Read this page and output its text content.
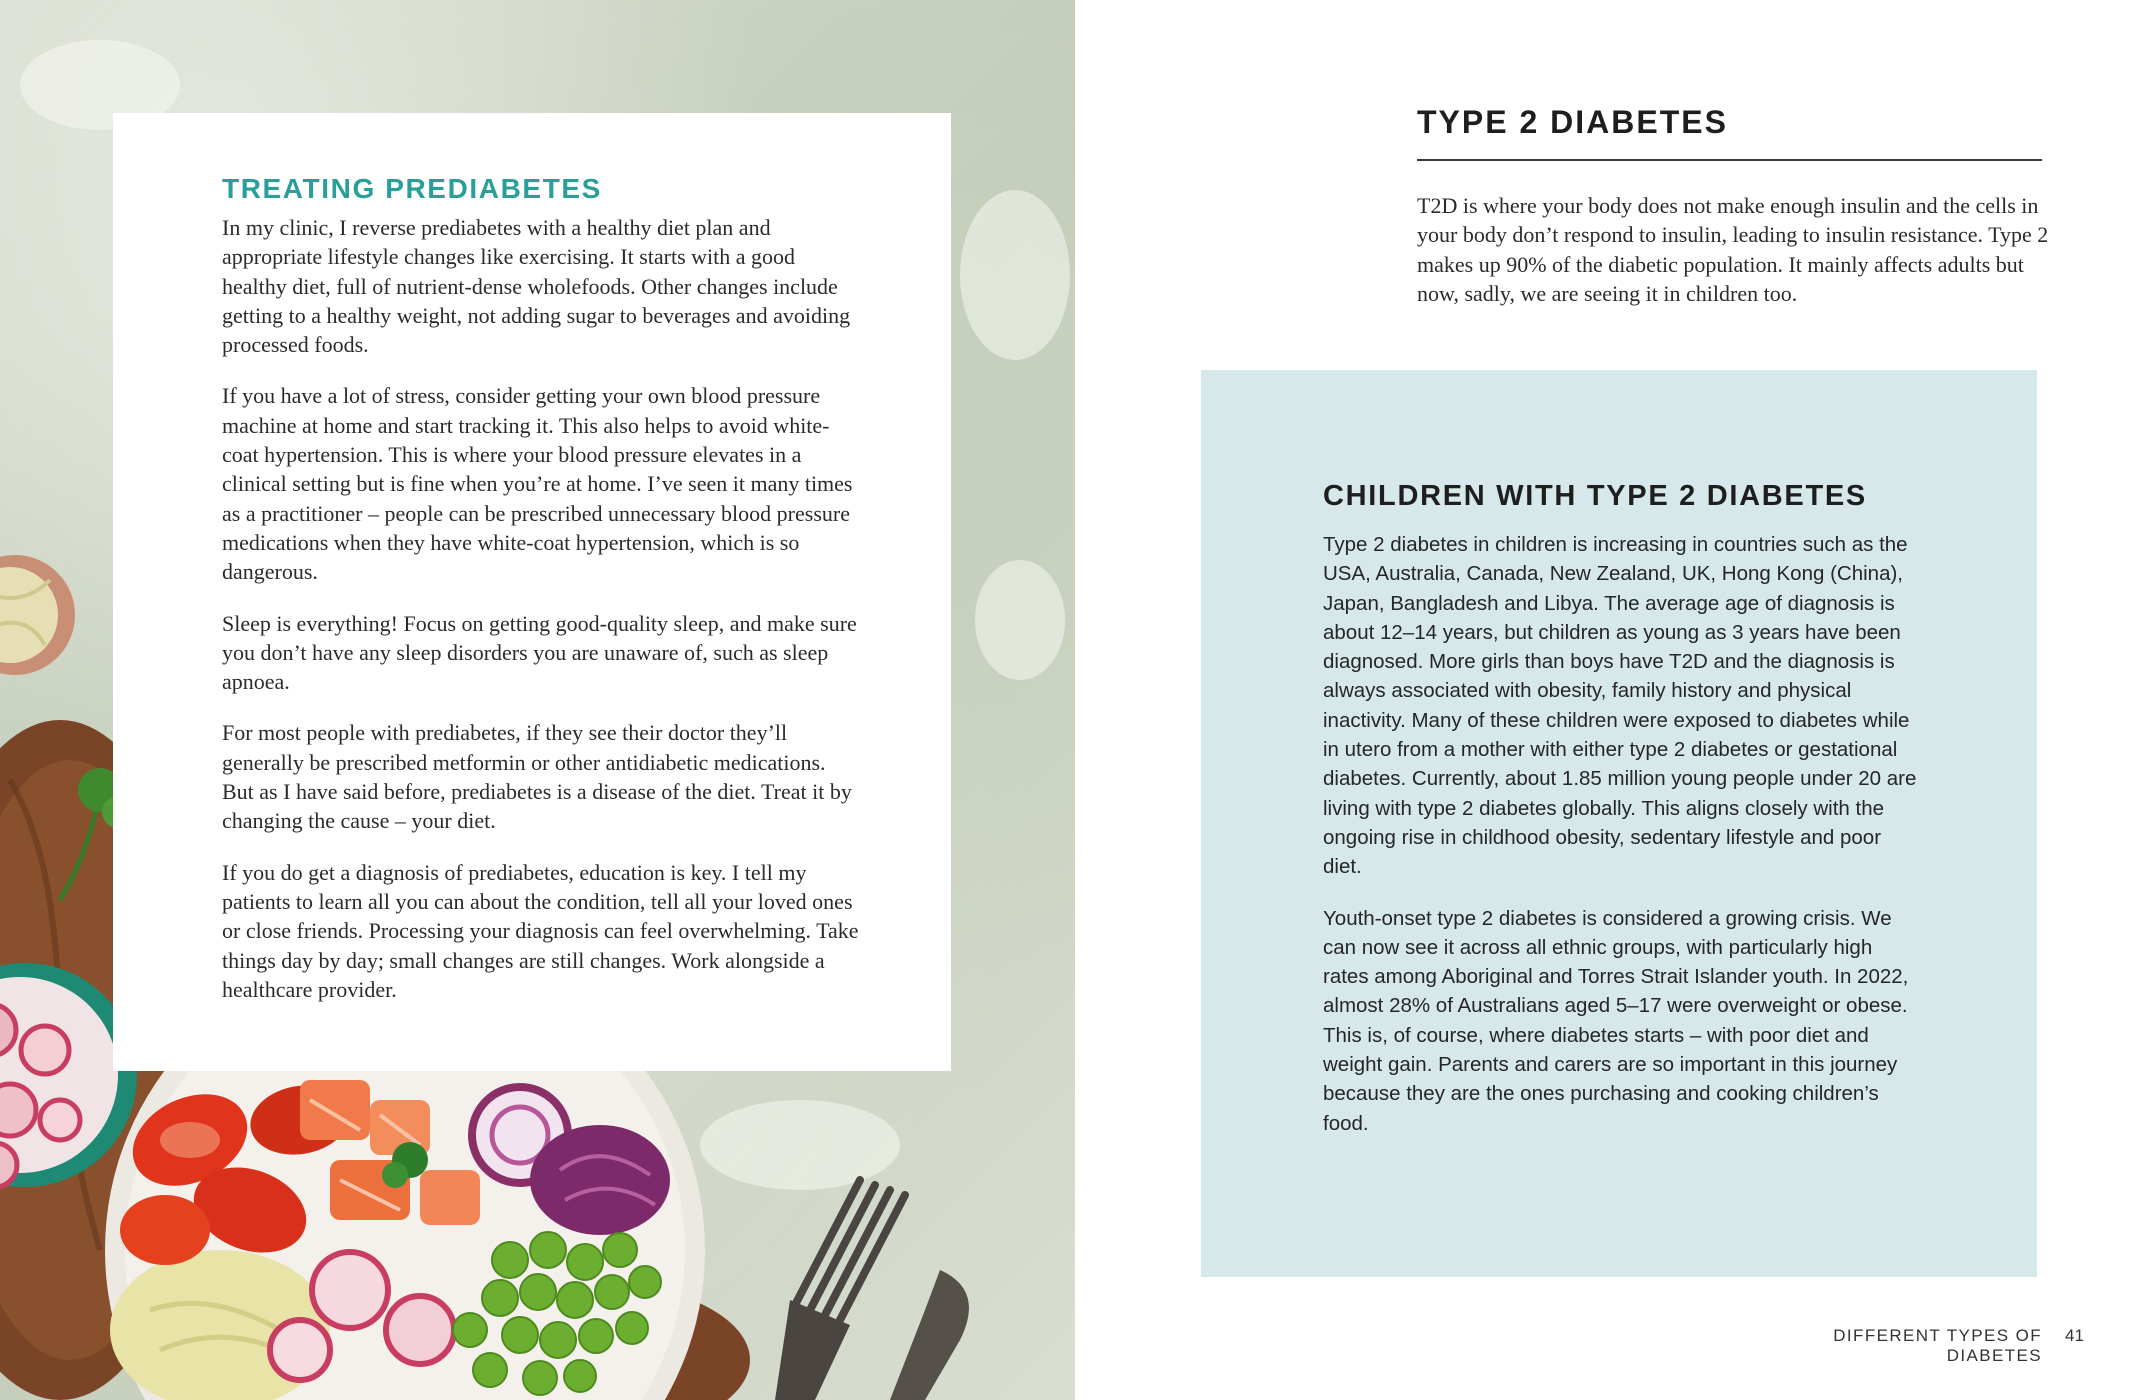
TREATING PREDIABETES

In my clinic, I reverse prediabetes with a healthy diet plan and appropriate lifestyle changes like exercising. It starts with a good healthy diet, full of nutrient-dense wholefoods. Other changes include getting to a healthy weight, not adding sugar to beverages and avoiding processed foods.

If you have a lot of stress, consider getting your own blood pressure machine at home and start tracking it. This also helps to avoid white-coat hypertension. This is where your blood pressure elevates in a clinical setting but is fine when you’re at home. I’ve seen it many times as a practitioner – people can be prescribed unnecessary blood pressure medications when they have white-coat hypertension, which is so dangerous.

Sleep is everything! Focus on getting good-quality sleep, and make sure you don’t have any sleep disorders you are unaware of, such as sleep apnoea.

For most people with prediabetes, if they see their doctor they’ll generally be prescribed metformin or other antidiabetic medications. But as I have said before, prediabetes is a disease of the diet. Treat it by changing the cause – your diet.

If you do get a diagnosis of prediabetes, education is key. I tell my patients to learn all you can about the condition, tell all your loved ones or close friends. Processing your diagnosis can feel overwhelming. Take things day by day; small changes are still changes. Work alongside a healthcare provider.

TYPE 2 DIABETES

T2D is where your body does not make enough insulin and the cells in your body don’t respond to insulin, leading to insulin resistance. Type 2 makes up 90% of the diabetic population. It mainly affects adults but now, sadly, we are seeing it in children too.

CHILDREN WITH TYPE 2 DIABETES

Type 2 diabetes in children is increasing in countries such as the USA, Australia, Canada, New Zealand, UK, Hong Kong (China), Japan, Bangladesh and Libya. The average age of diagnosis is about 12–14 years, but children as young as 3 years have been diagnosed. More girls than boys have T2D and the diagnosis is always associated with obesity, family history and physical inactivity. Many of these children were exposed to diabetes while in utero from a mother with either type 2 diabetes or gestational diabetes. Currently, about 1.85 million young people under 20 are living with type 2 diabetes globally. This aligns closely with the ongoing rise in childhood obesity, sedentary lifestyle and poor diet.

Youth-onset type 2 diabetes is considered a growing crisis. We can now see it across all ethnic groups, with particularly high rates among Aboriginal and Torres Strait Islander youth. In 2022, almost 28% of Australians aged 5–17 were overweight or obese. This is, of course, where diabetes starts – with poor diet and weight gain. Parents and carers are so important in this journey because they are the ones purchasing and cooking children’s food.

DIFFERENT TYPES OF DIABETES
41
